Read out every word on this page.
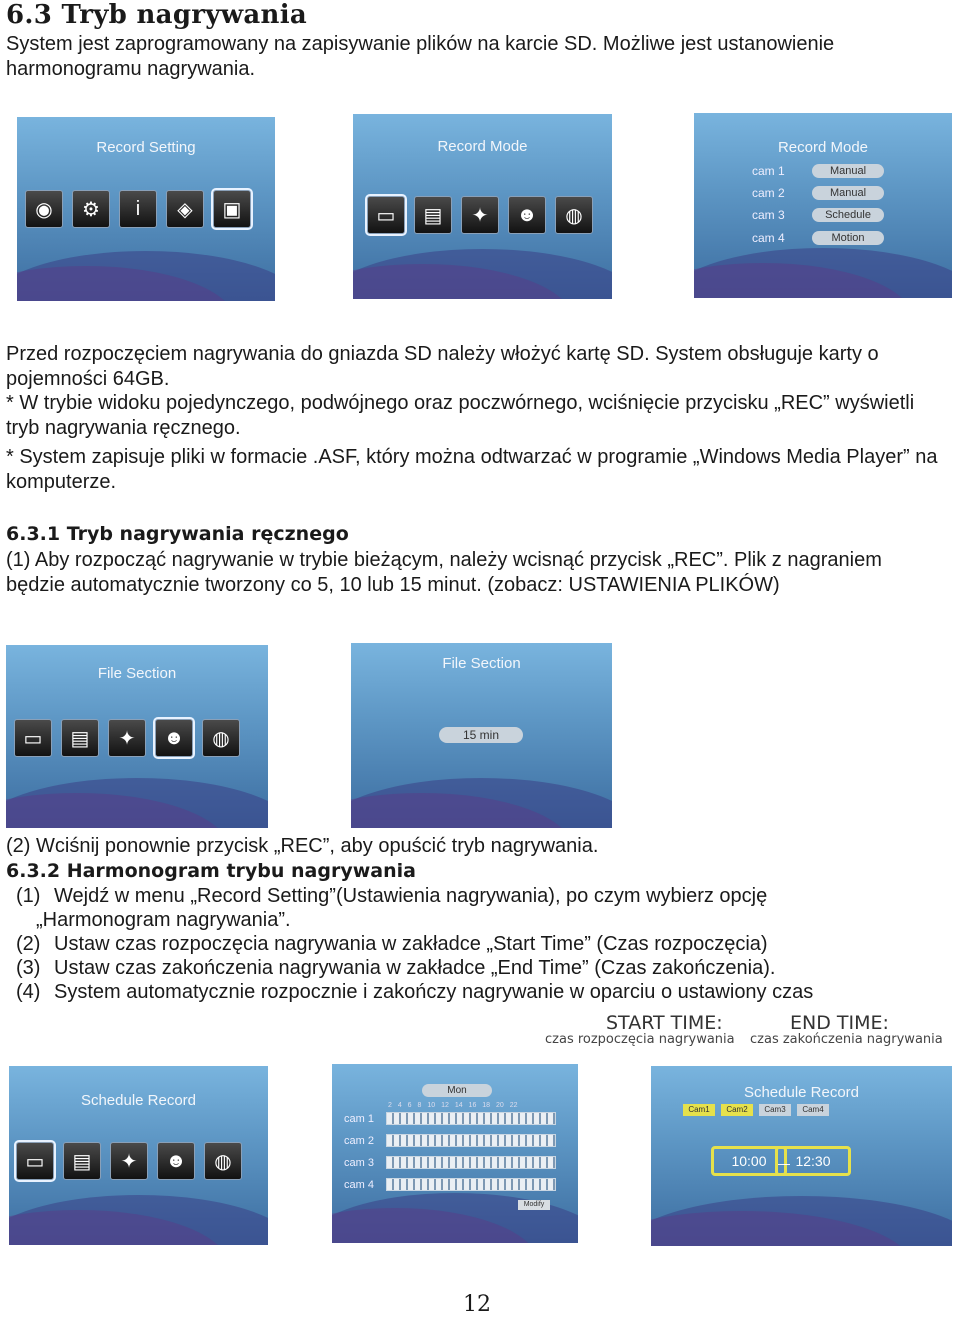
6.3 Tryb nagrywania
System jest zaprogramowany na zapisywanie plików na karcie SD. Możliwe jest ustanowienie harmonogramu nagrywania.
Record Setting
◉	⚙	i	◈	▣
Record Mode
▭	▤	✦	☻	◍
Record Mode
cam 1	Manual
cam 2	Manual
cam 3	Schedule
cam 4	Motion
Przed rozpoczęciem nagrywania do gniazda SD należy włożyć kartę SD. System obsługuje karty o pojemności 64GB.
* W trybie widoku pojedynczego, podwójnego oraz poczwórnego, wciśnięcie przycisku „REC” wyświetli tryb nagrywania ręcznego.
* System zapisuje pliki w formacie .ASF, który można odtwarzać w programie „Windows Media Player” na komputerze.
6.3.1 Tryb nagrywania ręcznego
(1) Aby rozpocząć nagrywanie w trybie bieżącym, należy wcisnąć przycisk „REC”. Plik z nagraniem będzie automatycznie tworzony co 5, 10 lub 15 minut. (zobacz: USTAWIENIA PLIKÓW)
File Section
▭	▤	✦	☻	◍
File Section
15 min
(2) Wciśnij ponownie przycisk „REC”, aby opuścić tryb nagrywania.
6.3.2 Harmonogram trybu nagrywania
(1) Wejdź w menu „Record Setting”(Ustawienia nagrywania), po czym wybierz opcję
„Harmonogram nagrywania”.
(2) Ustaw czas rozpoczęcia nagrywania w zakładce „Start Time” (Czas rozpoczęcia)
(3) Ustaw czas zakończenia nagrywania w zakładce „End Time” (Czas zakończenia).
(4) System automatycznie rozpocznie i zakończy nagrywanie w oparciu o ustawiony czas
START TIME:
czas rozpoczęcia nagrywania
END TIME:
czas zakończenia nagrywania
Schedule Record
▭	▤	✦	☻	◍
Mon
2 4 6 8 10 12 14 16 18 20 22
cam 1
cam 2
cam 3
cam 4
Modify
Schedule Record
Cam1	Cam2	Cam3	Cam4
10:00 — 12:30
12
